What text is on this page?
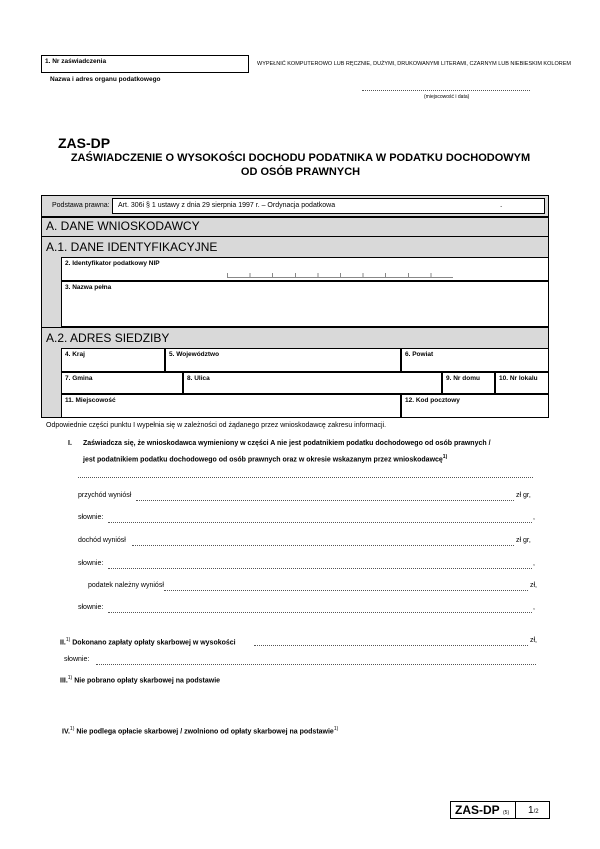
1. Nr zaświadczenia	WYPEŁNIĆ KOMPUTEROWO LUB RĘCZNIE, DUŻYMI, DRUKOWANYMI LITERAMI, CZARNYM LUB NIEBIESKIM KOLOREM
Nazwa i adres organu podatkowego
(miejscowość i data)
ZAS-DP
ZAŚWIADCZENIE O WYSOKOŚCI DOCHODU PODATNIKA W PODATKU DOCHODOWYM
OD OSÓB PRAWNYCH
Podstawa prawna: Art. 306i § 1 ustawy z dnia 29 sierpnia 1997 r. – Ordynacja podatkowa	.
A. DANE WNIOSKODAWCY
A.1. DANE IDENTYFIKACYJNE
2. Identyfikator podatkowy NIP
3. Nazwa pełna
A.2. ADRES SIEDZIBY
4. Kraj	5. Województwo	6. Powiat
7. Gmina	8. Ulica	9. Nr domu	10. Nr lokalu
11. Miejscowość	12. Kod pocztowy
Odpowiednie części punktu I wypełnia się w zależności od żądanego przez wnioskodawcę zakresu informacji.
I. Zaświadcza się, że wnioskodawca wymieniony w części A nie jest podatnikiem podatku dochodowego od osób prawnych /
jest podatnikiem podatku dochodowego od osób prawnych oraz w okresie wskazanym przez wnioskodawcę$^{1)}$
przychód wyniósł	zł gr,
słownie:	,
dochód wyniósł	zł gr,
słownie:	,
podatek należny wyniósł	zł,
słownie:	,
II.$^{1)}$ Dokonano zapłaty opłaty skarbowej w wysokości	zł,
słownie:
III.$^{1)}$ Nie pobrano opłaty skarbowej na podstawie
IV.$^{1)}$ Nie podlega opłacie skarbowej / zwolniono od opłaty skarbowej na podstawie$^{1)}$
ZAS-DP (5) 1/2
